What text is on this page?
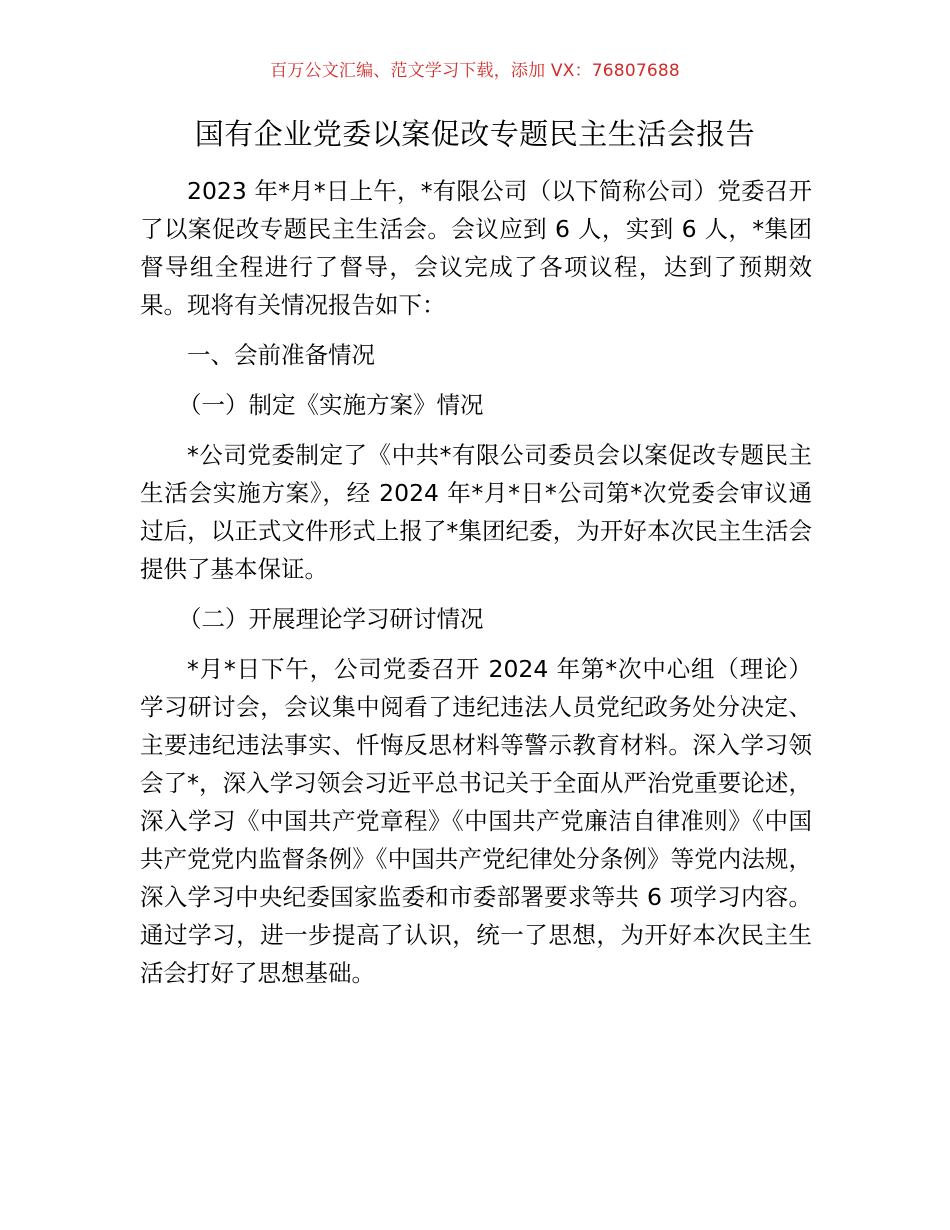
百万公文汇编、范文学习下载，添加 VX：76807688
国有企业党委以案促改专题民主生活会报告

2023 年*月*日上午，*有限公司（以下简称公司）党委召开了以案促改专题民主生活会。会议应到 6 人，实到 6 人，*集团督导组全程进行了督导，会议完成了各项议程，达到了预期效果。现将有关情况报告如下：

一、会前准备情况

（一）制定《实施方案》情况

*公司党委制定了《中共*有限公司委员会以案促改专题民主生活会实施方案》，经 2024 年*月*日*公司第*次党委会审议通过后，以正式文件形式上报了*集团纪委，为开好本次民主生活会提供了基本保证。

（二）开展理论学习研讨情况

*月*日下午，公司党委召开 2024 年第*次中心组（理论）学习研讨会，会议集中阅看了违纪违法人员党纪政务处分决定、主要违纪违法事实、忏悔反思材料等警示教育材料。深入学习领会了*，深入学习领会习近平总书记关于全面从严治党重要论述，深入学习《中国共产党章程》《中国共产党廉洁自律准则》《中国共产党党内监督条例》《中国共产党纪律处分条例》等党内法规，深入学习中央纪委国家监委和市委部署要求等共 6 项学习内容。通过学习，进一步提高了认识，统一了思想，为开好本次民主生活会打好了思想基础。
